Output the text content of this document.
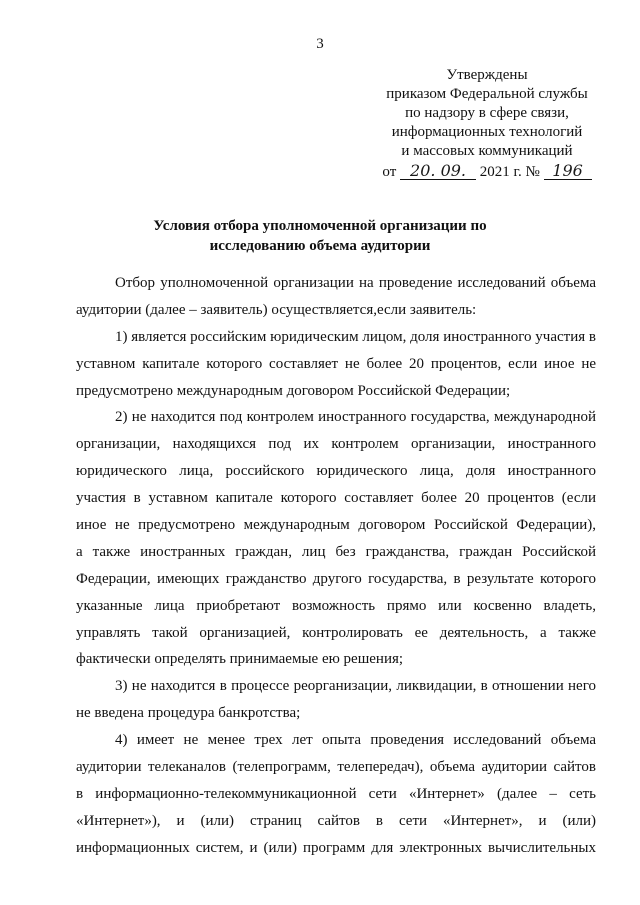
3
Утверждены
приказом Федеральной службы
по надзору в сфере связи,
информационных технологий
и массовых коммуникаций
от 20. 09. 2021 г. № 196
Условия отбора уполномоченной организации по
исследованию объема аудитории
Отбор уполномоченной организации на проведение исследований объема
аудитории (далее – заявитель) осуществляется,если заявитель:
1) является российским юридическим лицом, доля иностранного участия в
уставном капитале которого составляет не более 20 процентов, если иное не
предусмотрено международным договором Российской Федерации;
2) не находится под контролем иностранного государства, международной
организации, находящихся под их контролем организации, иностранного
юридического лица, российского юридического лица, доля иностранного
участия в уставном капитале которого составляет более 20 процентов (если
иное не предусмотрено международным договором Российской Федерации),
а также иностранных граждан, лиц без гражданства, граждан Российской
Федерации, имеющих гражданство другого государства, в результате которого
указанные лица приобретают возможность прямо или косвенно владеть,
управлять такой организацией, контролировать ее деятельность, а также
фактически определять принимаемые ею решения;
3) не находится в процессе реорганизации, ликвидации, в отношении него
не введена процедура банкротства;
4) имеет не менее трех лет опыта проведения исследований объема
аудитории телеканалов (телепрограмм, телепередач), объема аудитории сайтов
в информационно-телекоммуникационной сети «Интернет» (далее – сеть
«Интернет»), и (или) страниц сайтов в сети «Интернет», и (или)
информационных систем, и (или) программ для электронных вычислительных
